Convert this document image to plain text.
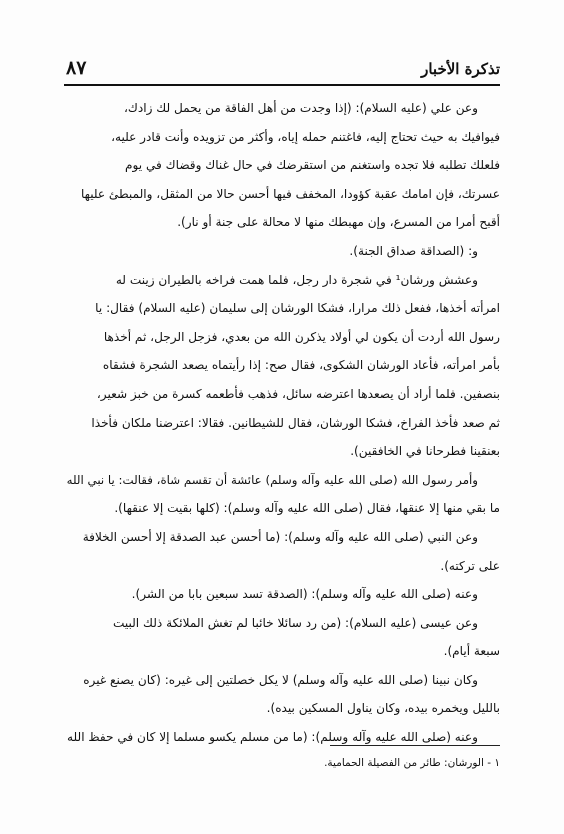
تذكرة الأخبار
٨٧
وعن علي (عليه السلام): (إذا وجدت من أهل الفاقة من يحمل لك زادك،
فيوافيك به حيث تحتاج إليه، فاغتنم حمله إياه، وأكثر من تزويده وأنت قادر عليه،
فلعلك تطلبه فلا تجده واستغنم من استقرضك في حال غناك وقضاك في يوم
عسرتك، فإن امامك عقبة كؤودا، المخفف فيها أحسن حالا من المثقل، والمبطئ عليها
أقبح أمرا من المسرع، وإن مهبطك منها لا محالة على جنة أو نار).
و: (الصداقة صداق الجنة).
وعشش ورشان¹ في شجرة دار رجل، فلما همت فراخه بالطيران زينت له
امرأته أخذها، ففعل ذلك مرارا، فشكا الورشان إلى سليمان (عليه السلام) فقال: يا
رسول الله أردت أن يكون لي أولاد يذكرن الله من بعدي، فزجل الرجل، ثم أخذها
بأمر امرأته، فأعاد الورشان الشكوى، فقال صح: إذا رأيتماه يصعد الشجرة فشقاه
بنصفين. فلما أراد أن يصعدها اعترضه سائل، فذهب فأطعمه كسرة من خبز شعير،
ثم صعد فأخذ الفراخ، فشكا الورشان، فقال للشيطانين. فقالا: اعترضنا ملكان فأخذا
بعنقينا فطرحانا في الخافقين).
وأمر رسول الله (صلى الله عليه وآله وسلم) عائشة أن تقسم شاة، فقالت: يا نبي الله
ما بقي منها إلا عنقها، فقال (صلى الله عليه وآله وسلم): (كلها بقيت إلا عنقها).
وعن النبي (صلى الله عليه وآله وسلم): (ما أحسن عبد الصدقة إلا أحسن الخلافة
على تركته).
وعنه (صلى الله عليه وآله وسلم): (الصدقة تسد سبعين بابا من الشر).
وعن عيسى (عليه السلام): (من رد سائلا خائبا لم تغش الملائكة ذلك البيت
سبعة أيام).
وكان نبينا (صلى الله عليه وآله وسلم) لا يكل خصلتين إلى غيره: (كان يصنع غيره
بالليل ويخمره بيده، وكان يناول المسكين بيده).
وعنه (صلى الله عليه وآله وسلم): (ما من مسلم يكسو مسلما إلا كان في حفظ الله
١ - الورشان: طائر من الفصيلة الحمامية.
